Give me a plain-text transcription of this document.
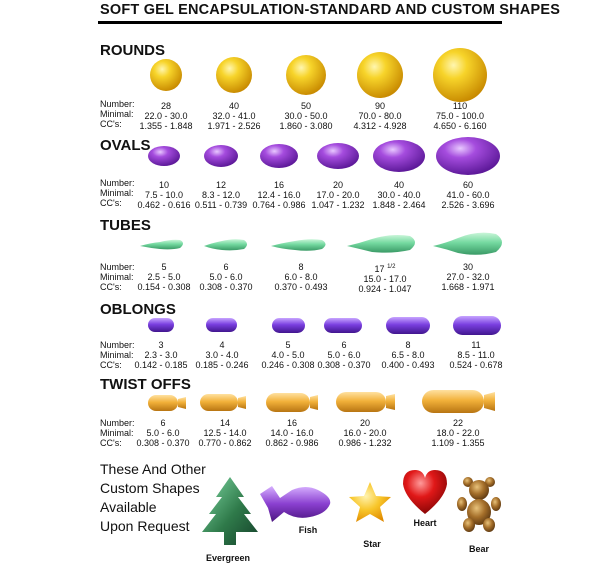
SOFT GEL ENCAPSULATION-STANDARD AND CUSTOM SHAPES
ROUNDS
Number:
Minimal:
CC's:
28
22.0 - 30.0
1.355 - 1.848
40
32.0 - 41.0
1.971 - 2.526
50
30.0 - 50.0
1.860 - 3.080
90
70.0 - 80.0
4.312 - 4.928
110
75.0 - 100.0
4.650 - 6.160
OVALS
Number:
Minimal:
CC's:
10
7.5 - 10.0
0.462 - 0.616
12
8.3 - 12.0
0.511 - 0.739
16
12.4 - 16.0
0.764 - 0.986
20
17.0 - 20.0
1.047 - 1.232
40
30.0 - 40.0
1.848 - 2.464
60
41.0 - 60.0
2.526 - 3.696
TUBES
Number:
Minimal:
CC's:
5
2.5 - 5.0
0.154 - 0.308
6
5.0 - 6.0
0.308 - 0.370
8
6.0 - 8.0
0.370 - 0.493
17 $^{1/2}$
15.0 - 17.0
0.924 - 1.047
30
27.0 - 32.0
1.668 - 1.971
OBLONGS
Number:
Minimal:
CC's:
3
2.3 - 3.0
0.142 - 0.185
4
3.0 - 4.0
0.185 - 0.246
5
4.0 - 5.0
0.246 - 0.308
6
5.0 - 6.0
0.308 - 0.370
8
6.5 - 8.0
0.400 - 0.493
11
8.5 - 11.0
0.524 - 0.678
TWIST OFFS
Number:
Minimal:
CC's:
6
5.0 - 6.0
0.308 - 0.370
14
12.5 - 14.0
0.770 - 0.862
16
14.0 - 16.0
0.862 - 0.986
20
16.0 - 20.0
0.986 - 1.232
22
18.0 - 22.0
1.109 - 1.355
These And Other
Custom Shapes
Available
Upon Request
Evergreen
Fish
Star
Heart
Bear
